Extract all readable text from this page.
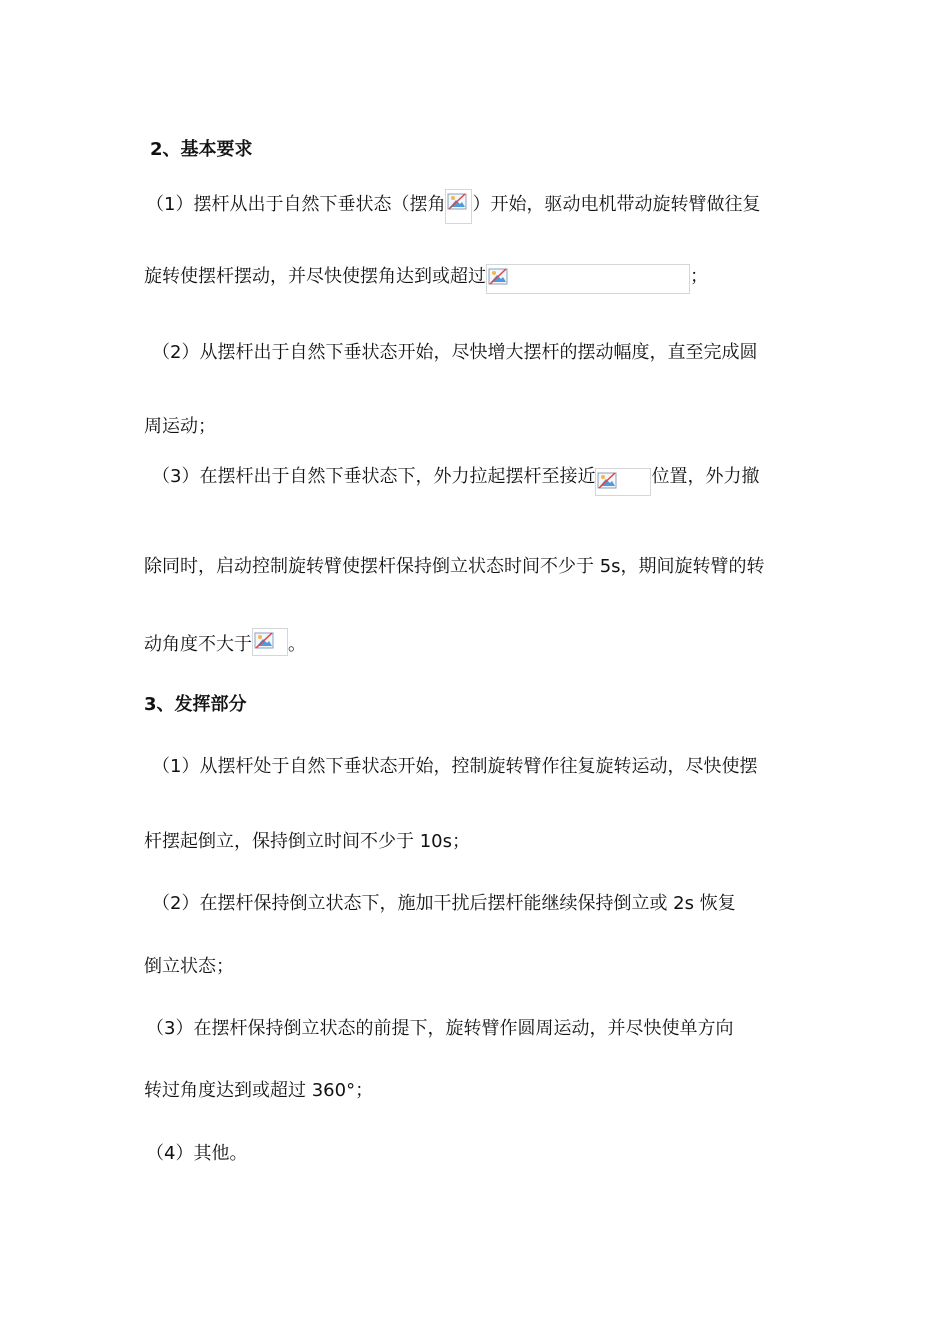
2、基本要求
（1）摆杆从出于自然下垂状态（摆角 ）开始，驱动电机带动旋转臂做往复
旋转使摆杆摆动，并尽快使摆角达到或超过	；
（2）从摆杆出于自然下垂状态开始，尽快增大摆杆的摆动幅度，直至完成圆
周运动；
（3）在摆杆出于自然下垂状态下，外力拉起摆杆至接近	位置，外力撤
除同时，启动控制旋转臂使摆杆保持倒立状态时间不少于 5s，期间旋转臂的转
动角度不大于 。
3、发挥部分
（1）从摆杆处于自然下垂状态开始，控制旋转臂作往复旋转运动，尽快使摆
杆摆起倒立，保持倒立时间不少于 10s；
（2）在摆杆保持倒立状态下，施加干扰后摆杆能继续保持倒立或 2s 恢复
倒立状态；
（3）在摆杆保持倒立状态的前提下，旋转臂作圆周运动，并尽快使单方向
转过角度达到或超过 360°；
（4）其他。
